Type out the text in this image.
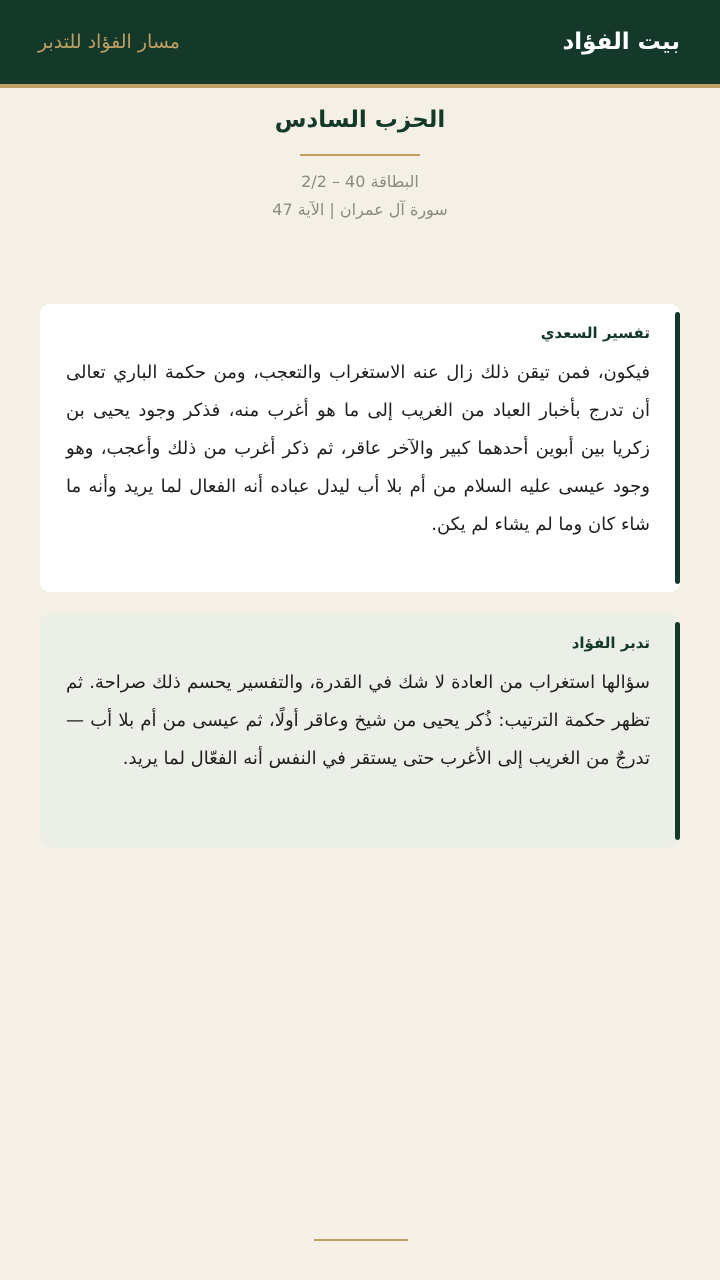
بيت الفؤاد
مسار الفؤاد للتدبر
الحزب السادس
البطاقة 40 – 2/2
سورة آل عمران | الآية 47
تفسير السعدي
فيكون، فمن تيقن ذلك زال عنه الاستغراب والتعجب، ومن حكمة الباري تعالى أن تدرج بأخبار العباد من الغريب إلى ما هو أغرب منه، فذكر وجود يحيى بن زكريا بين أبوين أحدهما كبير والآخر عاقر، ثم ذكر أغرب من ذلك وأعجب، وهو وجود عيسى عليه السلام من أم بلا أب ليدل عباده أنه الفعال لما يريد وأنه ما شاء كان وما لم يشاء لم يكن.
تدبر الفؤاد
سؤالها استغراب من العادة لا شك في القدرة، والتفسير يحسم ذلك صراحة. ثم تظهر حكمة الترتيب: ذُكر يحيى من شيخ وعاقر أولًا، ثم عيسى من أم بلا أب — تدرجٌ من الغريب إلى الأغرب حتى يستقر في النفس أنه الفعّال لما يريد.
